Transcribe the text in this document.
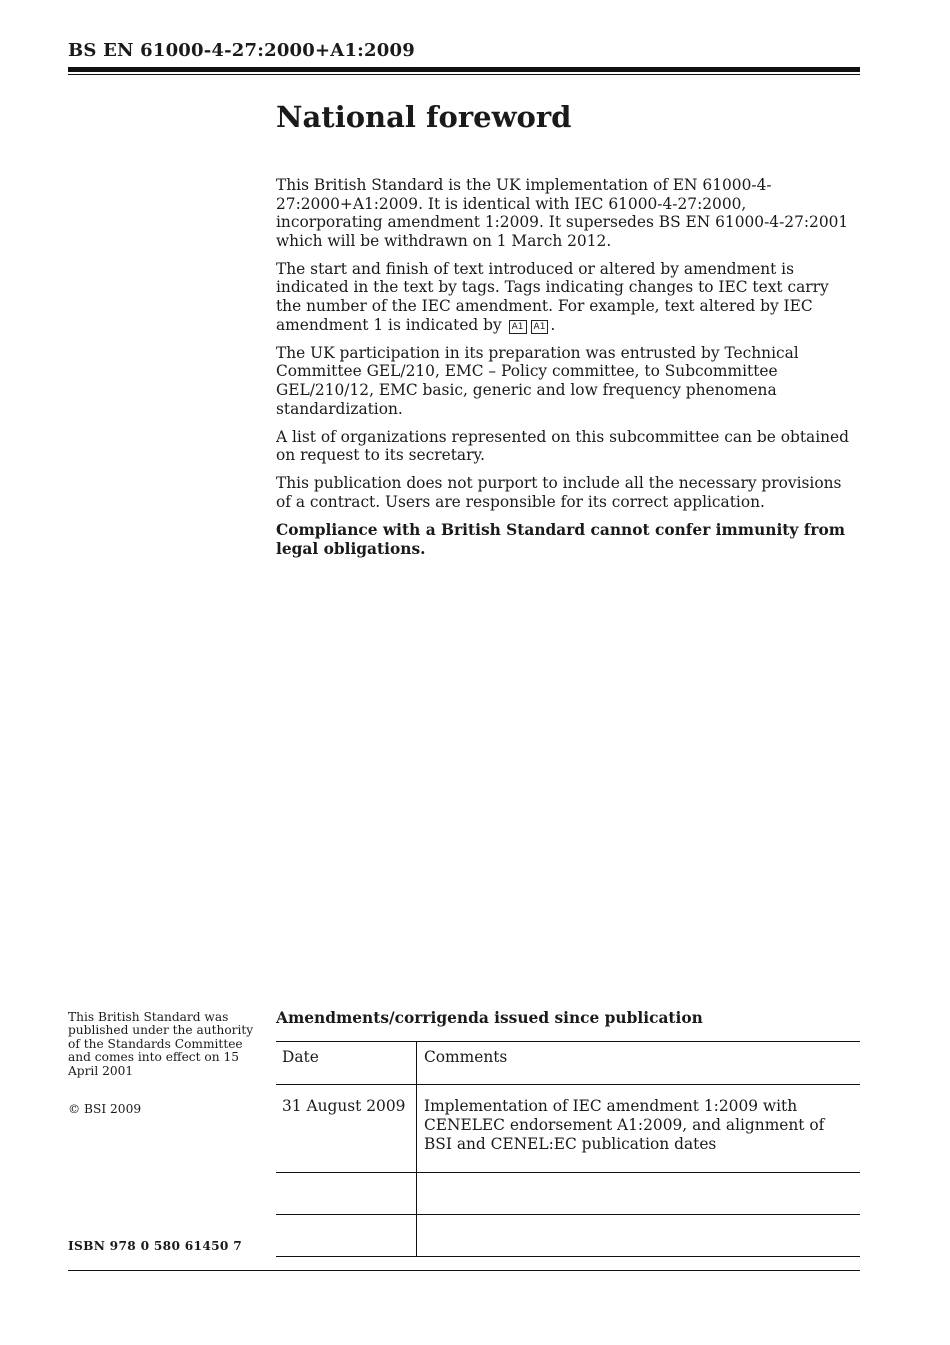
BS EN 61000-4-27:2000+A1:2009
National foreword

This British Standard is the UK implementation of EN 61000-4-27:2000+A1:2009. It is identical with IEC 61000-4-27:2000, incorporating amendment 1:2009. It supersedes BS EN 61000-4-27:2001 which will be withdrawn on 1 March 2012.

The start and finish of text introduced or altered by amendment is indicated in the text by tags. Tags indicating changes to IEC text carry the number of the IEC amendment. For example, text altered by IEC amendment 1 is indicated by A1 A1 .

The UK participation in its preparation was entrusted by Technical Committee GEL/210, EMC – Policy committee, to Subcommittee GEL/210/12, EMC basic, generic and low frequency phenomena standardization.

A list of organizations represented on this subcommittee can be obtained on request to its secretary.

This publication does not purport to include all the necessary provisions of a contract. Users are responsible for its correct application.

Compliance with a British Standard cannot confer immunity from legal obligations.

This British Standard was published under the authority of the Standards Committee and comes into effect on 15 April 2001
© BSI 2009
ISBN 978 0 580 61450 7
Amendments/corrigenda issued since publication
Date	Comments
31 August 2009	Implementation of IEC amendment 1:2009 with CENELEC endorsement A1:2009, and alignment of BSI and CENEL:EC publication dates
